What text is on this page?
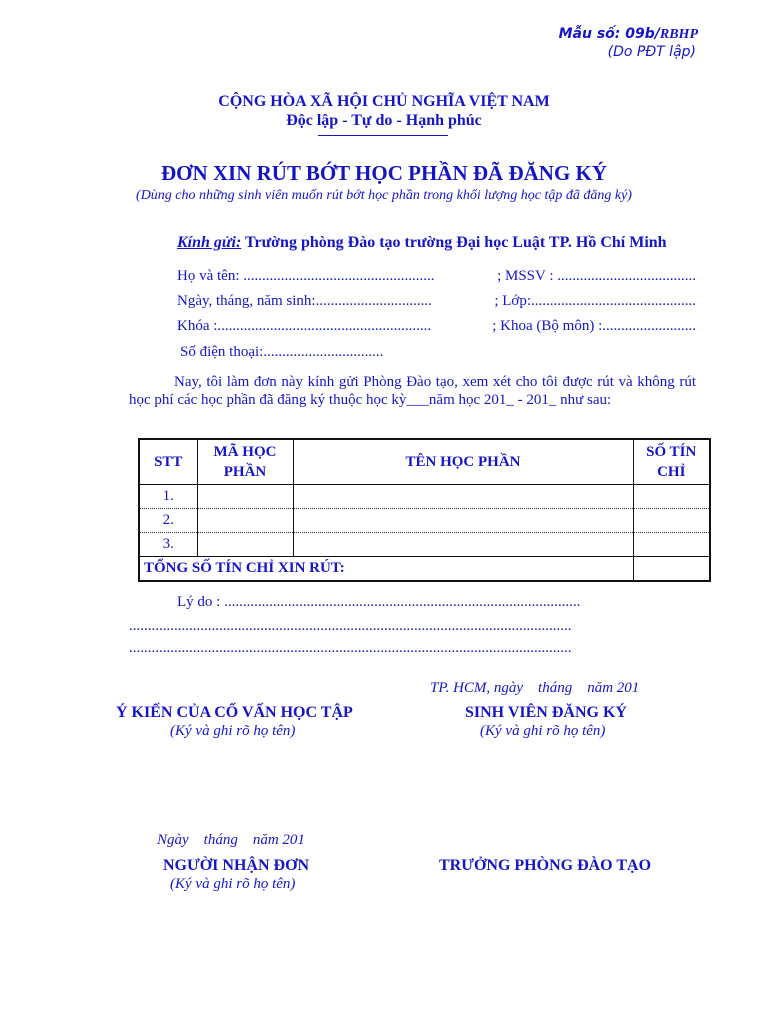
Mẫu số: 09b/RBHP
(Do PĐT lập)
CỘNG HÒA XÃ HỘI CHỦ NGHĨA VIỆT NAM
Độc lập - Tự do - Hạnh phúc
ĐƠN XIN RÚT BỚT HỌC PHẦN ĐÃ ĐĂNG KÝ
(Dùng cho những sinh viên muốn rút bớt học phần trong khối lượng học tập đã đăng ký)
Kính gửi: Trường phòng Đào tạo trường Đại học Luật TP. Hồ Chí Minh
Họ và tên: ...................................................	; MSSV : .....................................
Ngày, tháng, năm sinh:...............................	; Lớp:............................................
Khóa :.........................................................	; Khoa (Bộ môn) :.........................
Số điện thoại:................................
Nay, tôi làm đơn này kính gửi Phòng Đào tạo, xem xét cho tôi được rút và không rút học phí các học phần đã đăng ký thuộc học kỳ___năm học 201_ - 201_ như sau:
STT	MÃ HỌC PHẦN	TÊN HỌC PHẦN	SỐ TÍN CHỈ
1.			
2.			
3.			
TỔNG SỐ TÍN CHỈ XIN RÚT:			
Lý do : ...............................................................................................
......................................................................................................................
......................................................................................................................
TP. HCM, ngày    tháng    năm 201
Ý KIẾN CỦA CỐ VẤN HỌC TẬP
(Ký và ghi rõ họ tên)
SINH VIÊN ĐĂNG KÝ
(Ký và ghi rõ họ tên)
Ngày    tháng    năm 201
NGƯỜI NHẬN ĐƠN
(Ký và ghi rõ họ tên)
TRƯỞNG PHÒNG ĐÀO TẠO
